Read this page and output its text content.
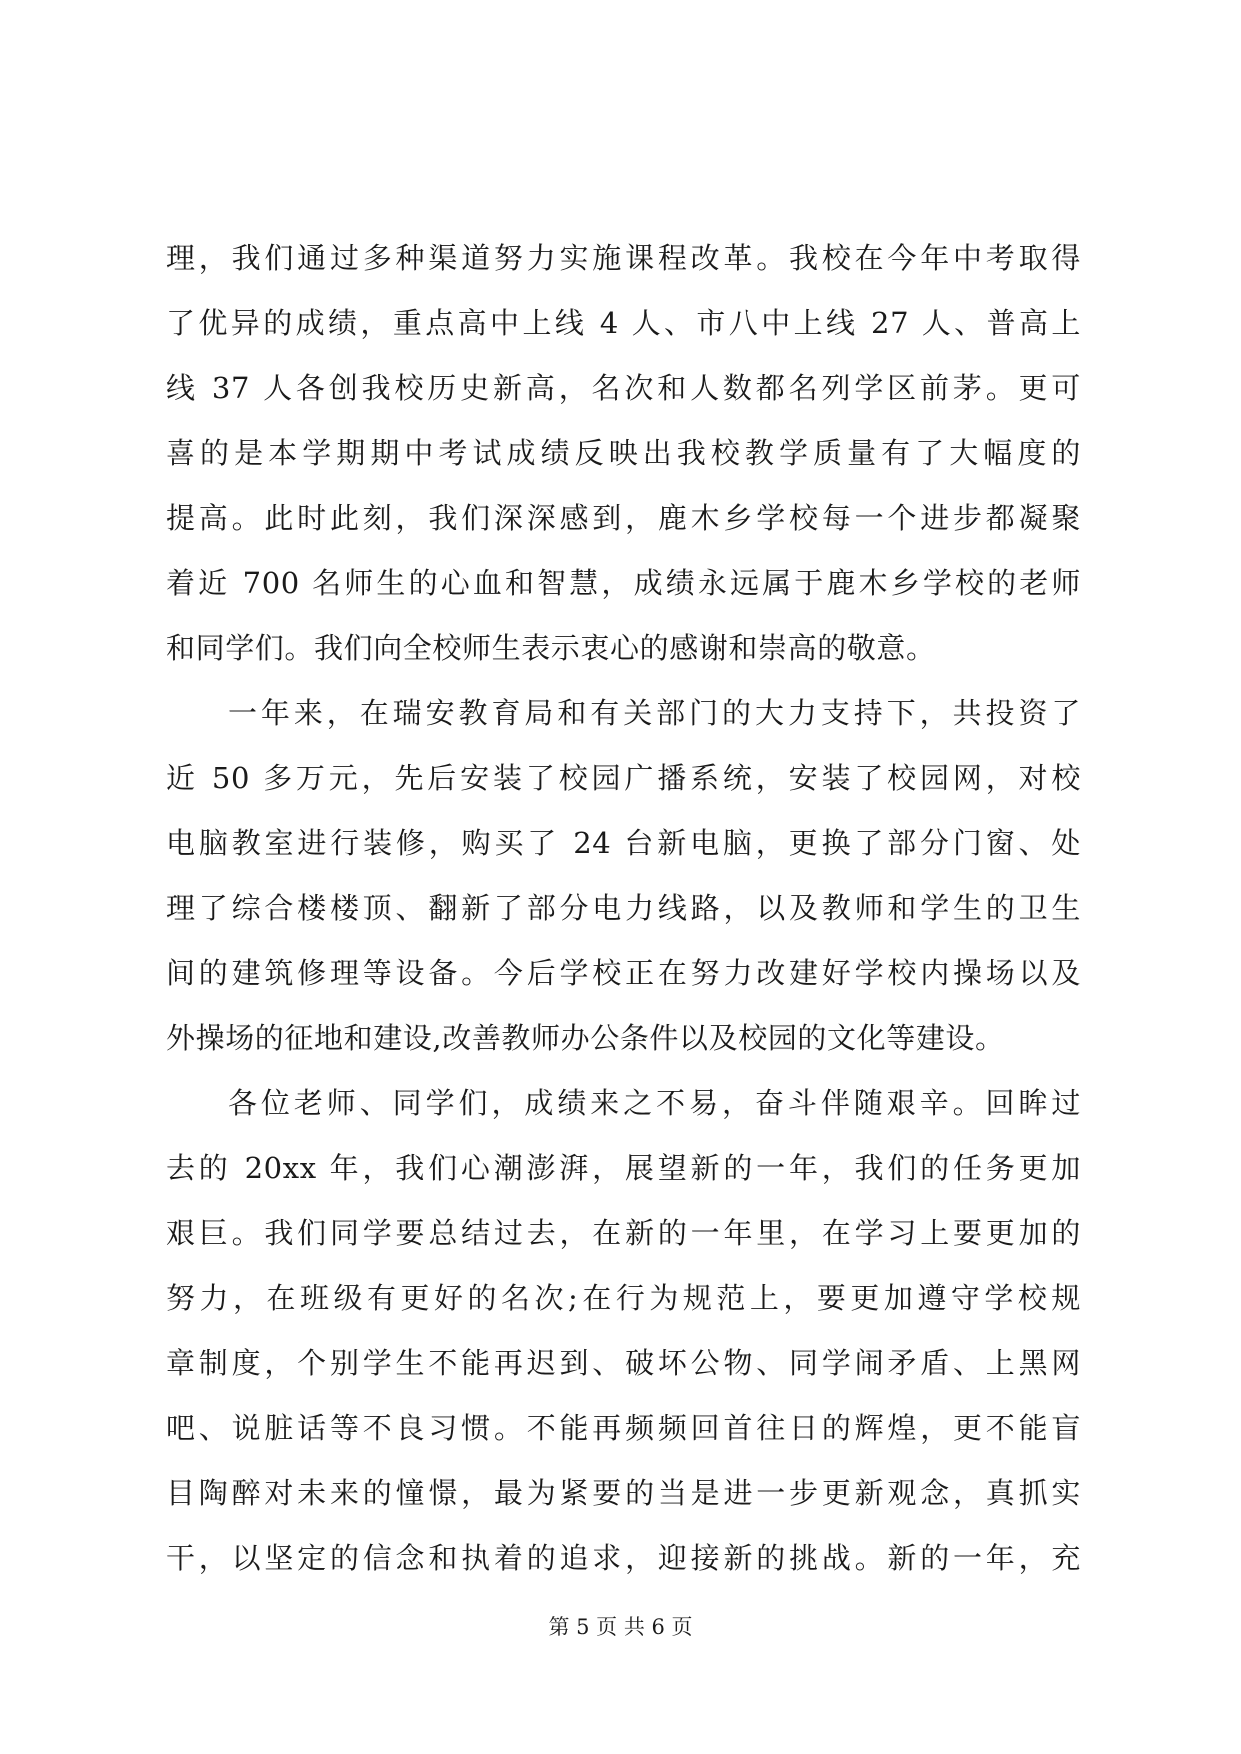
理，我们通过多种渠道努力实施课程改革。我校在今年中考取得
了优异的成绩，重点高中上线 4 人、市八中上线 27 人、普高上
线 37 人各创我校历史新高，名次和人数都名列学区前茅。更可
喜的是本学期期中考试成绩反映出我校教学质量有了大幅度的
提高。此时此刻，我们深深感到，鹿木乡学校每一个进步都凝聚
着近 700 名师生的心血和智慧，成绩永远属于鹿木乡学校的老师
和同学们。我们向全校师生表示衷心的感谢和崇高的敬意。
一年来，在瑞安教育局和有关部门的大力支持下，共投资了
近 50 多万元，先后安装了校园广播系统，安装了校园网，对校
电脑教室进行装修，购买了 24 台新电脑，更换了部分门窗、处
理了综合楼楼顶、翻新了部分电力线路，以及教师和学生的卫生
间的建筑修理等设备。今后学校正在努力改建好学校内操场以及
外操场的征地和建设,改善教师办公条件以及校园的文化等建设。
各位老师、同学们，成绩来之不易，奋斗伴随艰辛。回眸过
去的 20xx 年，我们心潮澎湃，展望新的一年，我们的任务更加
艰巨。我们同学要总结过去，在新的一年里，在学习上要更加的
努力，在班级有更好的名次;在行为规范上，要更加遵守学校规
章制度，个别学生不能再迟到、破坏公物、同学闹矛盾、上黑网
吧、说脏话等不良习惯。不能再频频回首往日的辉煌，更不能盲
目陶醉对未来的憧憬，最为紧要的当是进一步更新观念，真抓实
干，以坚定的信念和执着的追求，迎接新的挑战。新的一年，充
第 5 页 共 6 页
